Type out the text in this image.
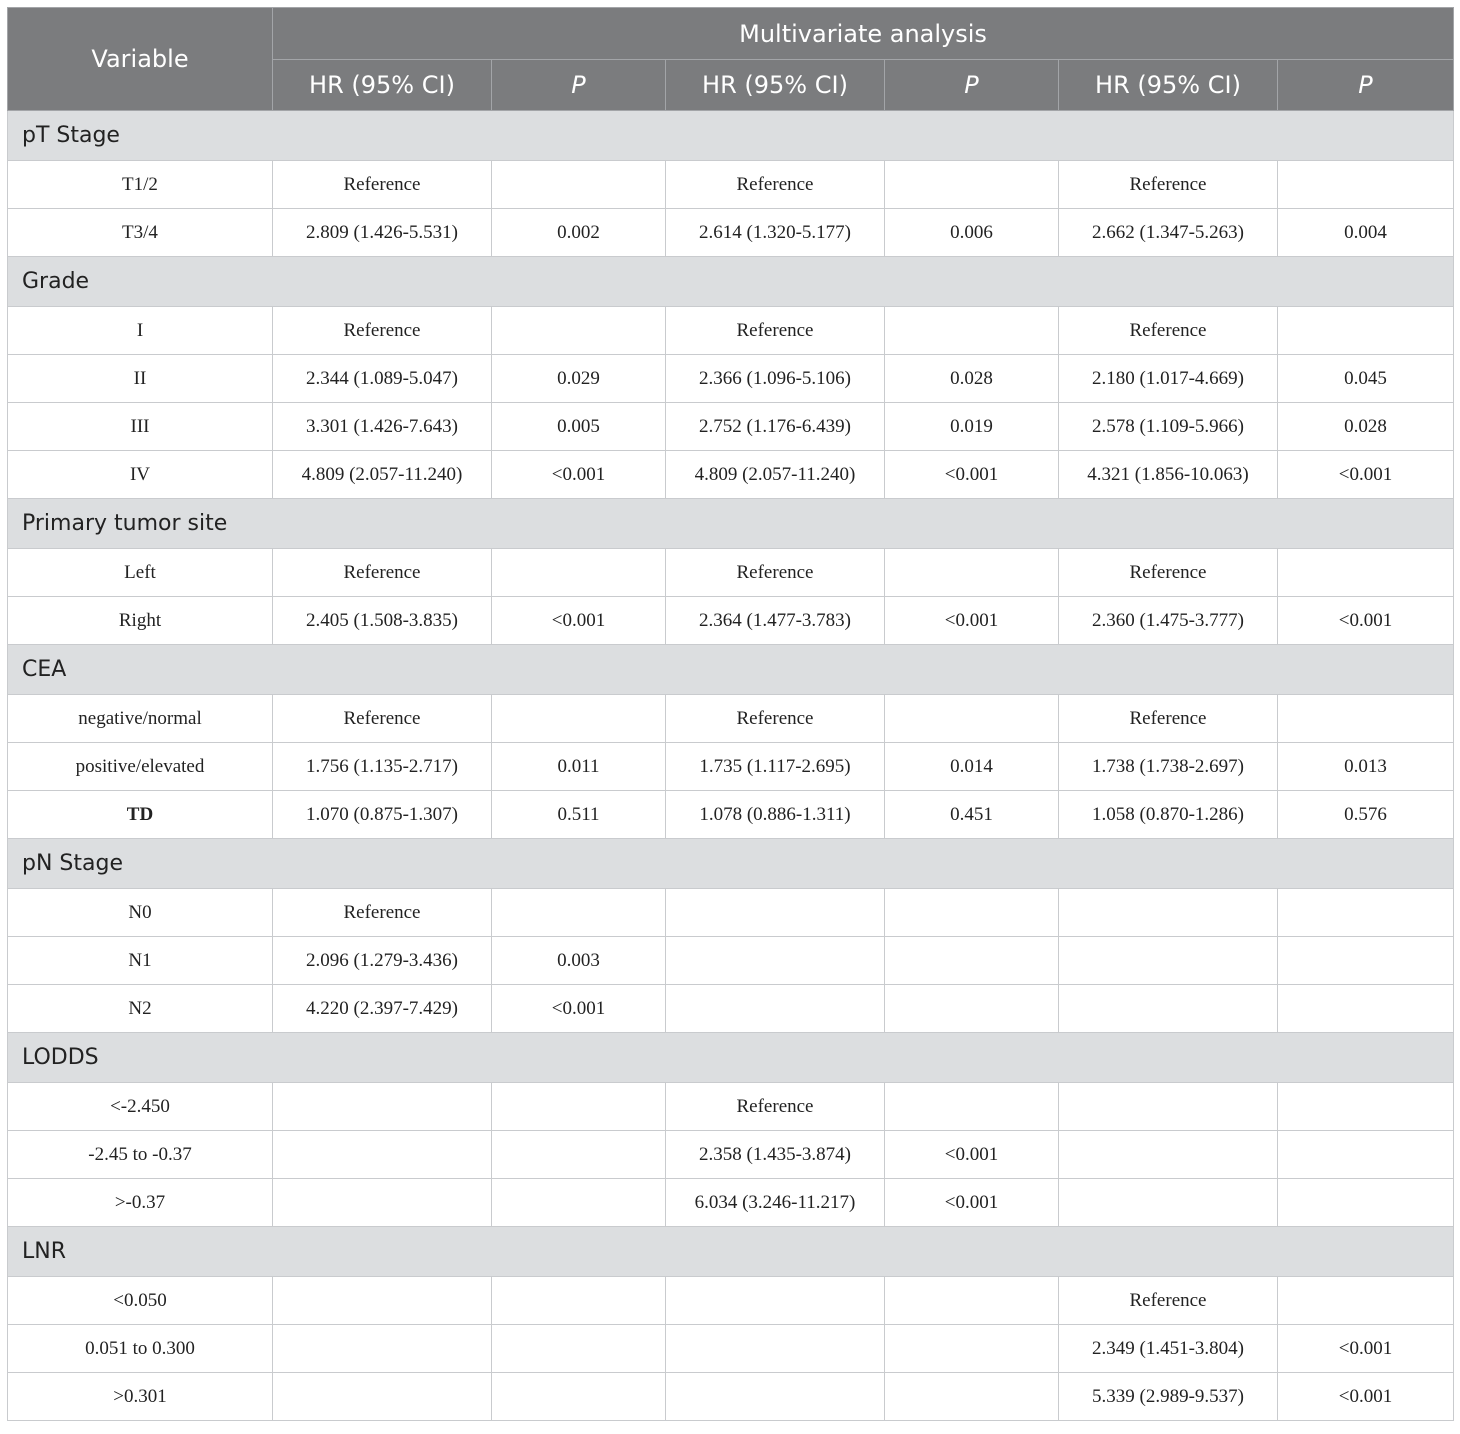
Variable	Multivariate analysis					
	HR (95% CI)	P	HR (95% CI)	P	HR (95% CI)	P
pT Stage						
T1/2	Reference		Reference		Reference	
T3/4	2.809 (1.426-5.531)	0.002	2.614 (1.320-5.177)	0.006	2.662 (1.347-5.263)	0.004
Grade						
I	Reference		Reference		Reference	
II	2.344 (1.089-5.047)	0.029	2.366 (1.096-5.106)	0.028	2.180 (1.017-4.669)	0.045
III	3.301 (1.426-7.643)	0.005	2.752 (1.176-6.439)	0.019	2.578 (1.109-5.966)	0.028
IV	4.809 (2.057-11.240)	<0.001	4.809 (2.057-11.240)	<0.001	4.321 (1.856-10.063)	<0.001
Primary tumor site						
Left	Reference		Reference		Reference	
Right	2.405 (1.508-3.835)	<0.001	2.364 (1.477-3.783)	<0.001	2.360 (1.475-3.777)	<0.001
CEA						
negative/normal	Reference		Reference		Reference	
positive/elevated	1.756 (1.135-2.717)	0.011	1.735 (1.117-2.695)	0.014	1.738 (1.738-2.697)	0.013
TD	1.070 (0.875-1.307)	0.511	1.078 (0.886-1.311)	0.451	1.058 (0.870-1.286)	0.576
pN Stage						
N0	Reference					
N1	2.096 (1.279-3.436)	0.003				
N2	4.220 (2.397-7.429)	<0.001				
LODDS						
<-2.450			Reference			
-2.45 to -0.37			2.358 (1.435-3.874)	<0.001		
>-0.37			6.034 (3.246-11.217)	<0.001		
LNR						
<0.050					Reference	
0.051 to 0.300					2.349 (1.451-3.804)	<0.001
>0.301					5.339 (2.989-9.537)	<0.001
